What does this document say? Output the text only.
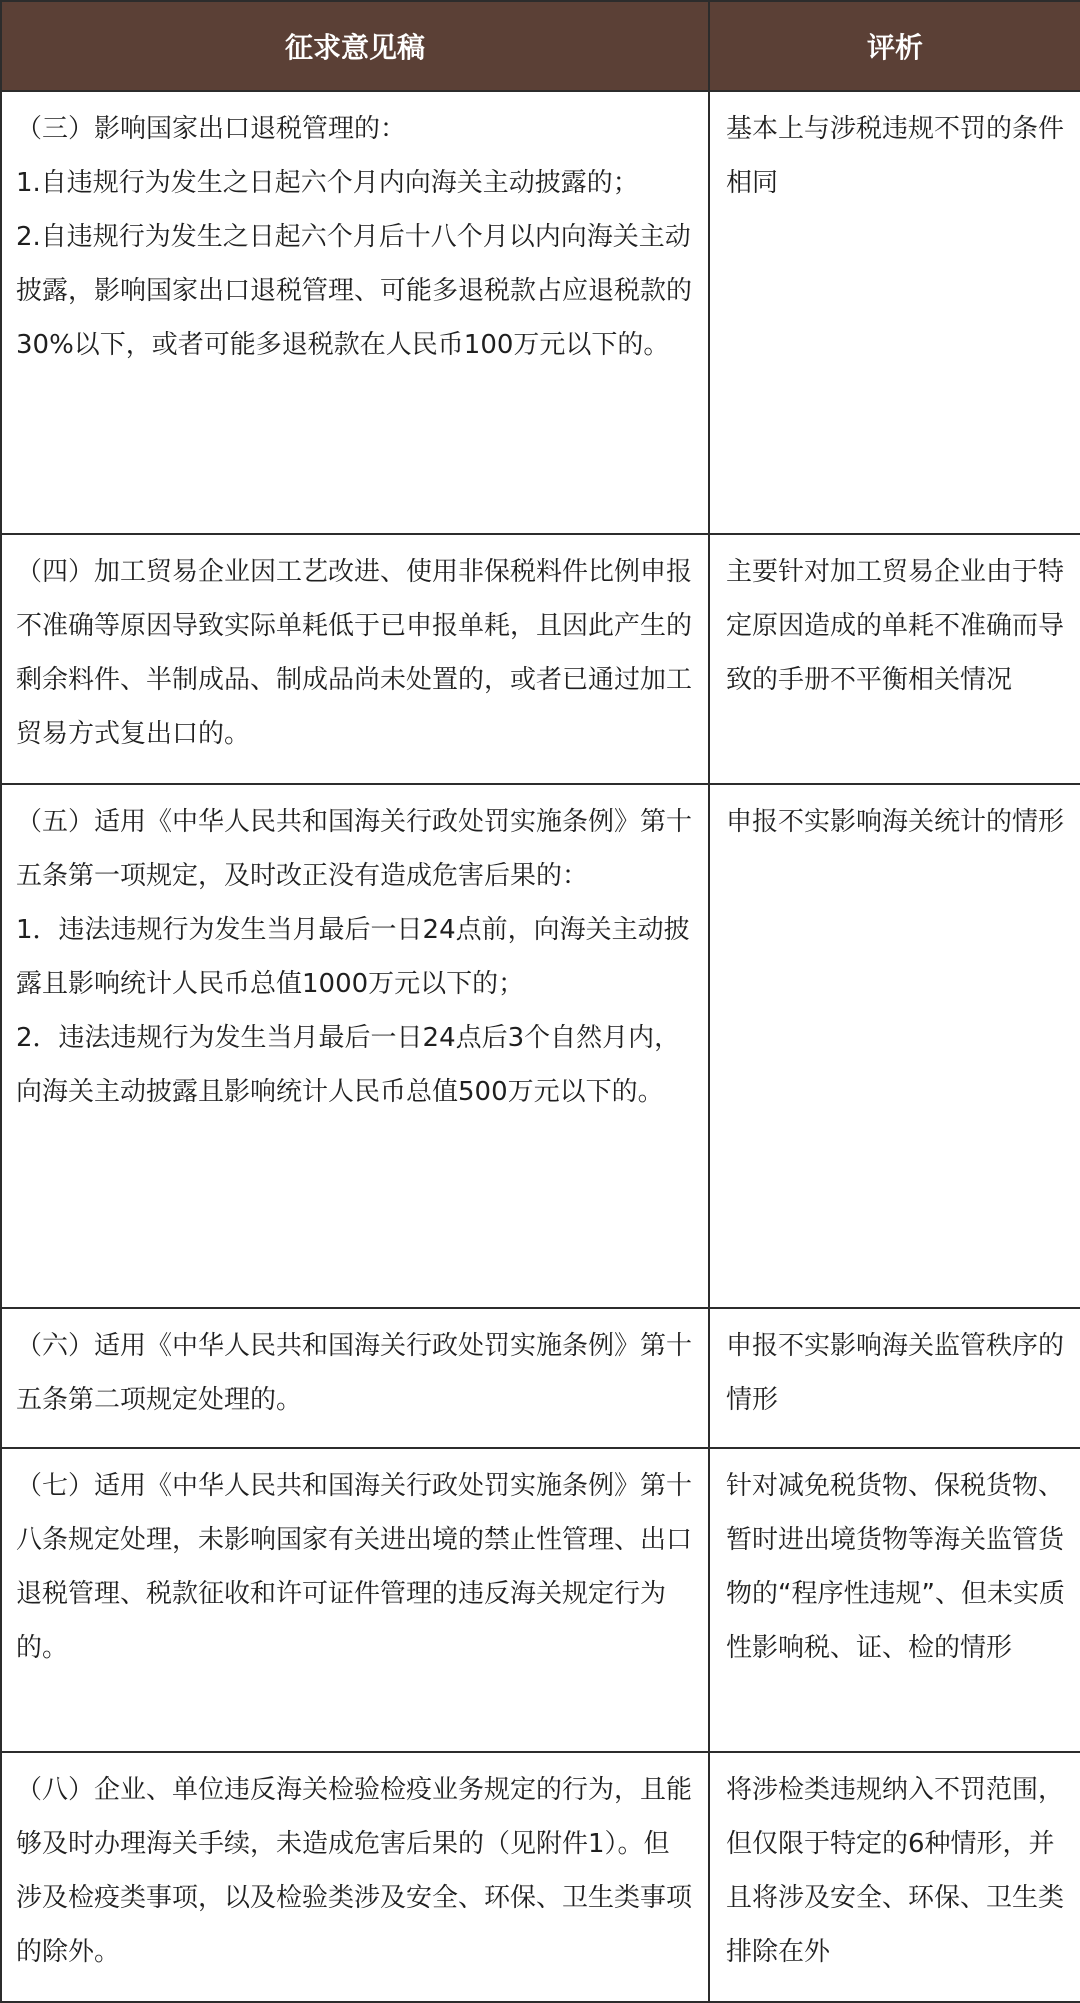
征求意见稿	评析

（三）影响国家出口退税管理的：
1.自违规行为发生之日起六个月内向海关主动披露的；
2.自违规行为发生之日起六个月后十八个月以内向海关主动披露，影响国家出口退税管理、可能多退税款占应退税款的30%以下，或者可能多退税款在人民币100万元以下的。	基本上与涉税违规不罚的条件相同

（四）加工贸易企业因工艺改进、使用非保税料件比例申报不准确等原因导致实际单耗低于已申报单耗，且因此产生的剩余料件、半制成品、制成品尚未处置的，或者已通过加工贸易方式复出口的。	主要针对加工贸易企业由于特定原因造成的单耗不准确而导致的手册不平衡相关情况

（五）适用《中华人民共和国海关行政处罚实施条例》第十五条第一项规定，及时改正没有造成危害后果的：
1．违法违规行为发生当月最后一日24点前，向海关主动披露且影响统计人民币总值1000万元以下的；
2．违法违规行为发生当月最后一日24点后3个自然月内，向海关主动披露且影响统计人民币总值500万元以下的。	申报不实影响海关统计的情形

（六）适用《中华人民共和国海关行政处罚实施条例》第十五条第二项规定处理的。	申报不实影响海关监管秩序的情形

（七）适用《中华人民共和国海关行政处罚实施条例》第十八条规定处理，未影响国家有关进出境的禁止性管理、出口退税管理、税款征收和许可证件管理的违反海关规定行为的。	针对减免税货物、保税货物、暂时进出境货物等海关监管货物的“程序性违规”、但未实质性影响税、证、检的情形

（八）企业、单位违反海关检验检疫业务规定的行为，且能够及时办理海关手续，未造成危害后果的（见附件1）。但涉及检疫类事项，以及检验类涉及安全、环保、卫生类事项的除外。	将涉检类违规纳入不罚范围，但仅限于特定的6种情形，并且将涉及安全、环保、卫生类排除在外
